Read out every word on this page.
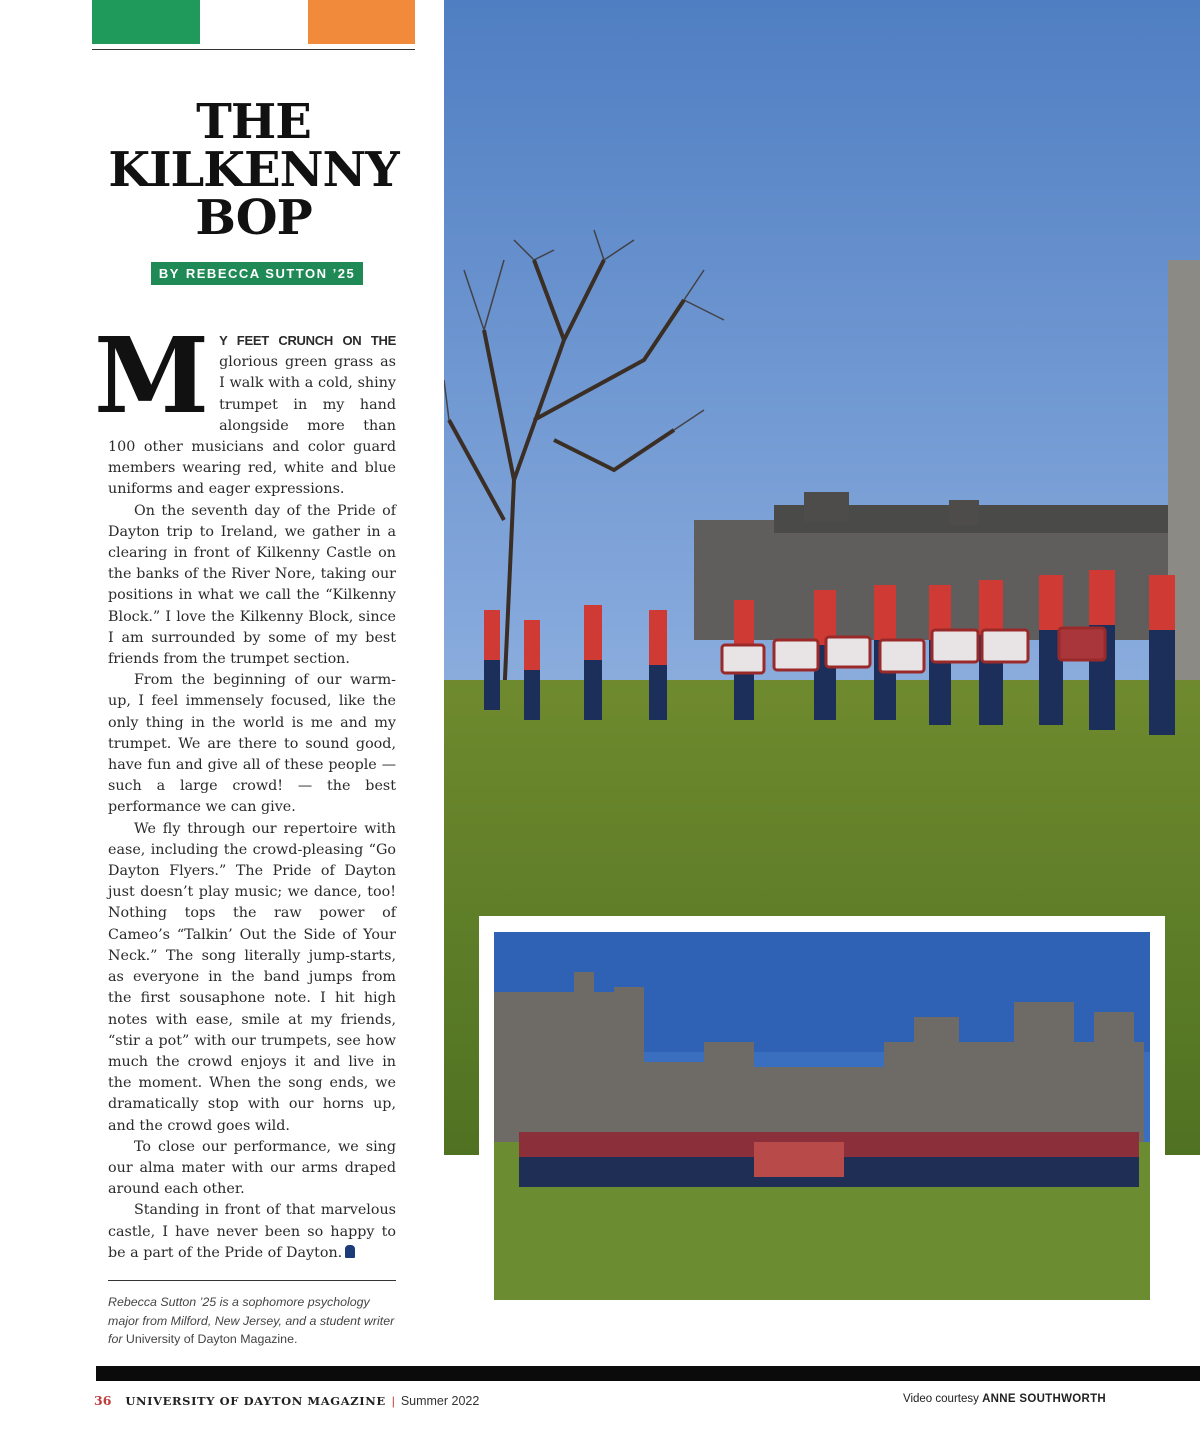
THE
KILKENNY
BOP
BY REBECCA SUTTON ’25

M Y FEET CRUNCH ON THE glorious green grass as I walk with a cold, shiny trumpet in my hand alongside more than 100 other musicians and color guard members wearing red, white and blue uniforms and eager expressions.

On the seventh day of the Pride of Dayton trip to Ireland, we gather in a clearing in front of Kilkenny Castle on the banks of the River Nore, taking our positions in what we call the “Kilkenny Block.” I love the Kilkenny Block, since I am surrounded by some of my best friends from the trumpet section.

From the beginning of our warm-up, I feel immensely focused, like the only thing in the world is me and my trumpet. We are there to sound good, have fun and give all of these people — such a large crowd! — the best performance we can give.

We fly through our repertoire with ease, including the crowd-pleasing “Go Dayton Flyers.” The Pride of Dayton just doesn’t play music; we dance, too! Nothing tops the raw power of Cameo’s “Talkin’ Out the Side of Your Neck.” The song literally jump-starts, as everyone in the band jumps from the first sousaphone note. I hit high notes with ease, smile at my friends, “stir a pot” with our trumpets, see how much the crowd enjoys it and live in the moment. When the song ends, we dramatically stop with our horns up, and the crowd goes wild.

To close our performance, we sing our alma mater with our arms draped around each other.

Standing in front of that marvelous castle, I have never been so happy to be a part of the Pride of Dayton.

Rebecca Sutton ’25 is a sophomore psychology major from Milford, New Jersey, and a student writer for University of Dayton Magazine.

36 UNIVERSITY OF DAYTON MAGAZINE | Summer 2022	Video courtesy ANNE SOUTHWORTH
